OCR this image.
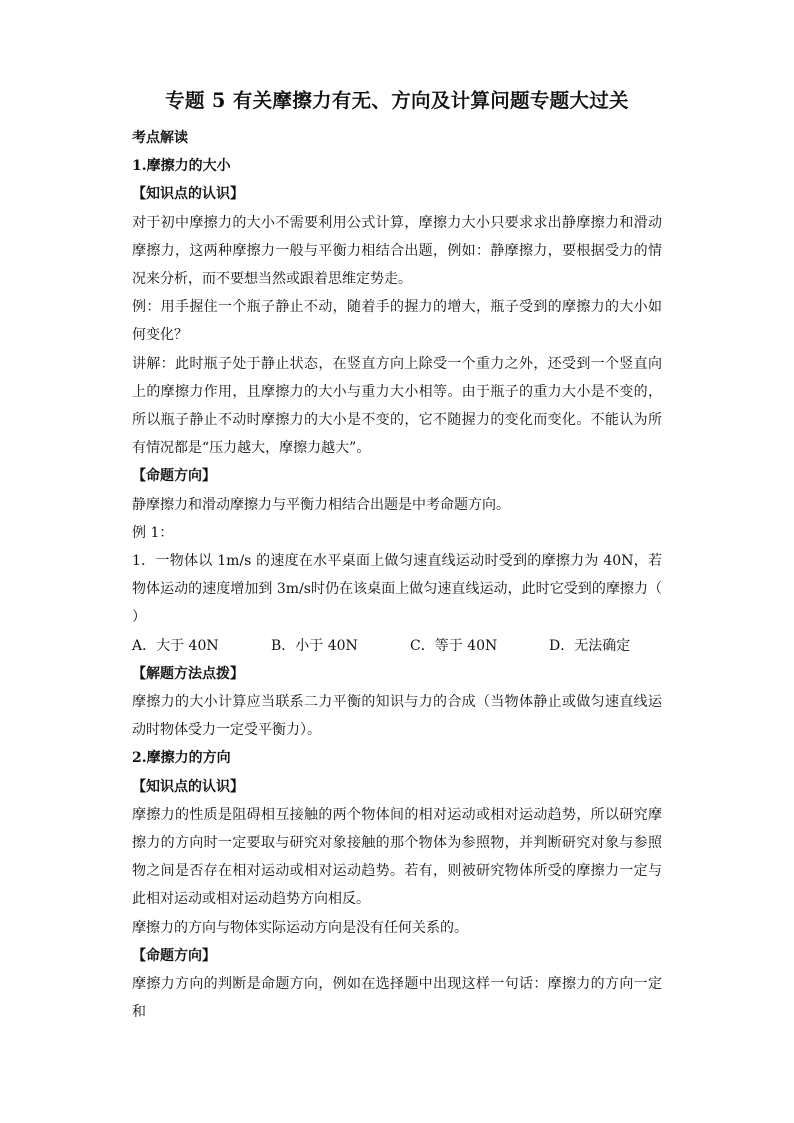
专题 5 有关摩擦力有无、方向及计算问题专题大过关
考点解读
1.摩擦力的大小
【知识点的认识】

对于初中摩擦力的大小不需要利用公式计算，摩擦力大小只要求求出静摩擦力和滑动摩擦力，这两种摩擦力一般与平衡力相结合出题，例如：静摩擦力，要根据受力的情况来分析，而不要想当然或跟着思维定势走。

例：用手握住一个瓶子静止不动，随着手的握力的增大，瓶子受到的摩擦力的大小如何变化？

讲解：此时瓶子处于静止状态，在竖直方向上除受一个重力之外，还受到一个竖直向上的摩擦力作用，且摩擦力的大小与重力大小相等。由于瓶子的重力大小是不变的，所以瓶子静止不动时摩擦力的大小是不变的，它不随握力的变化而变化。不能认为所有情况都是“压力越大，摩擦力越大”。

【命题方向】

静摩擦力和滑动摩擦力与平衡力相结合出题是中考命题方向。

例 1：

1．一物体以 1m/s 的速度在水平桌面上做匀速直线运动时受到的摩擦力为 40N，若物体运动的速度增加到 3m/s时仍在该桌面上做匀速直线运动，此时它受到的摩擦力（ ）

A．大于 40N	B．小于 40N	C．等于 40N	D．无法确定
【解题方法点拨】

摩擦力的大小计算应当联系二力平衡的知识与力的合成（当物体静止或做匀速直线运动时物体受力一定受平衡力）。

2.摩擦力的方向
【知识点的认识】

摩擦力的性质是阻碍相互接触的两个物体间的相对运动或相对运动趋势，所以研究摩擦力的方向时一定要取与研究对象接触的那个物体为参照物，并判断研究对象与参照物之间是否存在相对运动或相对运动趋势。若有，则被研究物体所受的摩擦力一定与此相对运动或相对运动趋势方向相反。

摩擦力的方向与物体实际运动方向是没有任何关系的。

【命题方向】

摩擦力方向的判断是命题方向，例如在选择题中出现这样一句话：摩擦力的方向一定和
